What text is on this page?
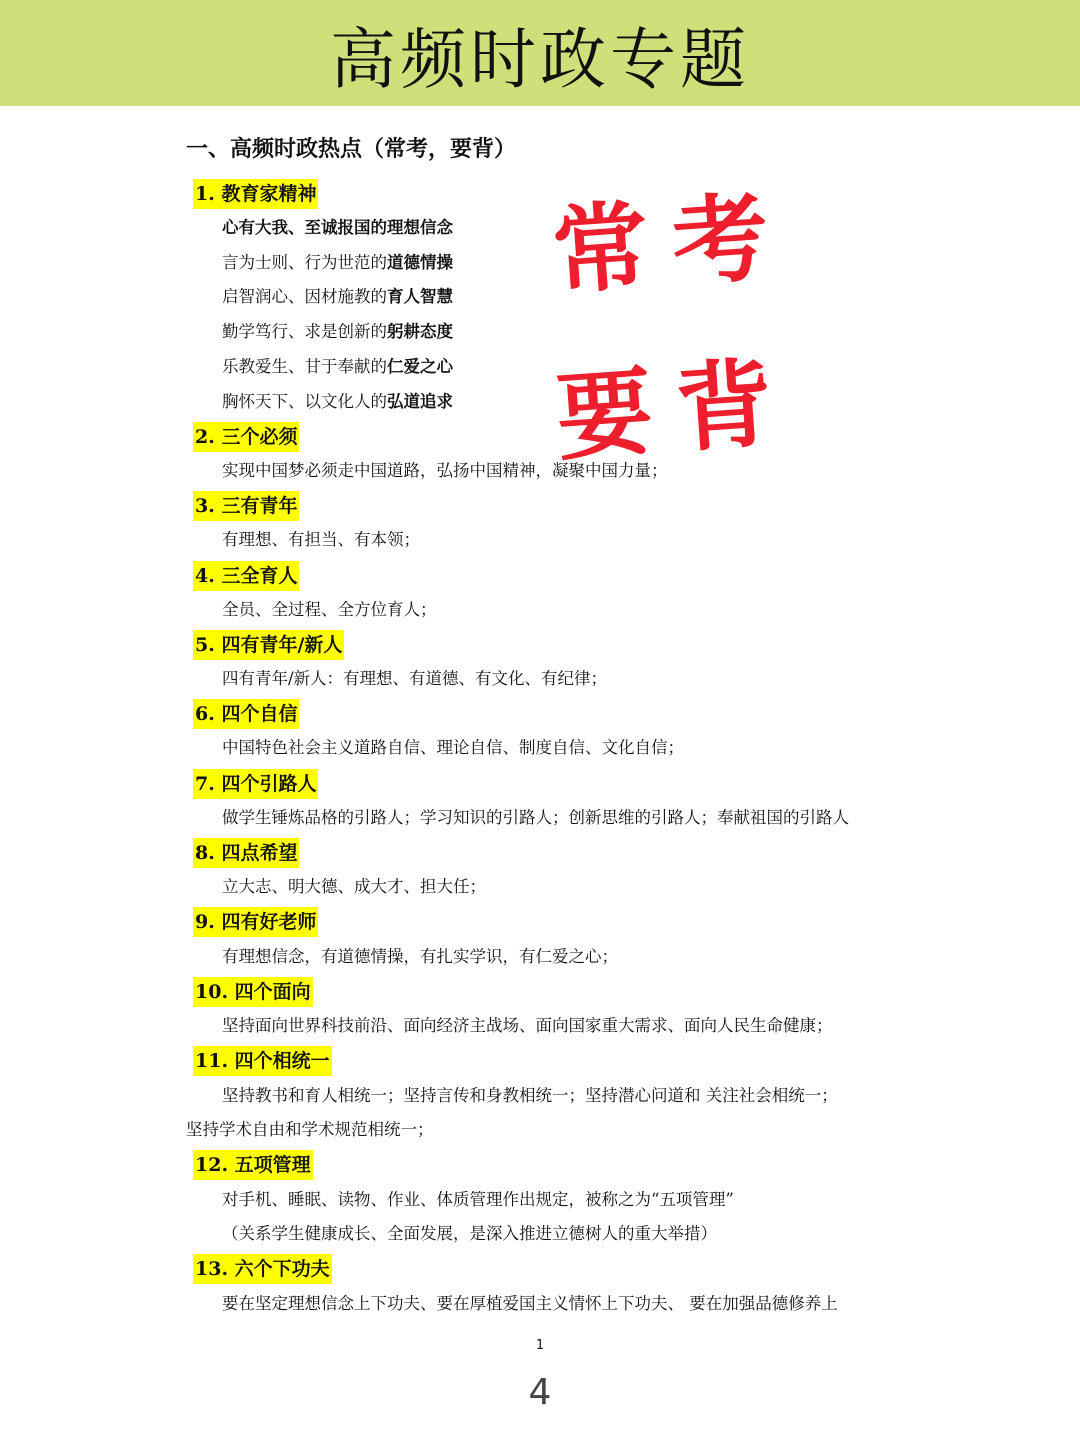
高频时政专题
一、高频时政热点（常考，要背）
常考
要背
1. 教育家精神
心有大我、至诚报国的理想信念
言为士则、行为世范的道德情操
启智润心、因材施教的育人智慧
勤学笃行、求是创新的躬耕态度
乐教爱生、甘于奉献的仁爱之心
胸怀天下、以文化人的弘道追求
2. 三个必须
实现中国梦必须走中国道路，弘扬中国精神，凝聚中国力量；
3. 三有青年
有理想、有担当、有本领；
4. 三全育人
全员、全过程、全方位育人；
5. 四有青年/新人
四有青年/新人：有理想、有道德、有文化、有纪律；
6. 四个自信
中国特色社会主义道路自信、理论自信、制度自信、文化自信；
7. 四个引路人
做学生锤炼品格的引路人；学习知识的引路人；创新思维的引路人；奉献祖国的引路人
8. 四点希望
立大志、明大德、成大才、担大任；
9. 四有好老师
有理想信念，有道德情操，有扎实学识，有仁爱之心；
10. 四个面向
坚持面向世界科技前沿、面向经济主战场、面向国家重大需求、面向人民生命健康；
11. 四个相统一
坚持教书和育人相统一；坚持言传和身教相统一；坚持潜心问道和 关注社会相统一；
坚持学术自由和学术规范相统一；
12. 五项管理
对手机、睡眠、读物、作业、体质管理作出规定，被称之为“五项管理”
（关系学生健康成长、全面发展，是深入推进立德树人的重大举措）
13. 六个下功夫
要在坚定理想信念上下功夫、要在厚植爱国主义情怀上下功夫、 要在加强品德修养上
1
4
